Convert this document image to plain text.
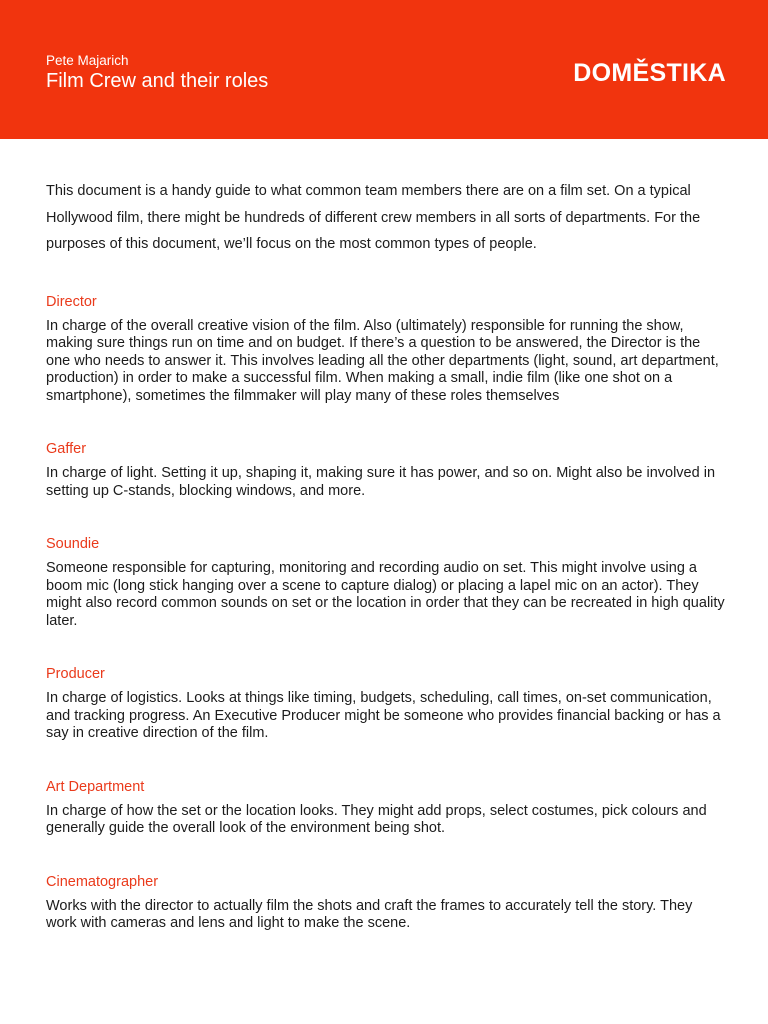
Pete Majarich
Film Crew and their roles	DOMĚSTIKA

This document is a handy guide to what common team members there are on a film set. On a typical Hollywood film, there might be hundreds of different crew members in all sorts of departments. For the purposes of this document, we’ll focus on the most common types of people.

Director

In charge of the overall creative vision of the film. Also (ultimately) responsible for running the show, making sure things run on time and on budget. If there’s a question to be answered, the Director is the one who needs to answer it. This involves leading all the other departments (light, sound, art department, production) in order to make a successful film. When making a small, indie film (like one shot on a smartphone), sometimes the filmmaker will play many of these roles themselves

Gaffer

In charge of light. Setting it up, shaping it, making sure it has power, and so on. Might also be involved in setting up C-stands, blocking windows, and more.

Soundie

Someone responsible for capturing, monitoring and recording audio on set. This might involve using a boom mic (long stick hanging over a scene to capture dialog) or placing a lapel mic on an actor). They might also record common sounds on set or the location in order that they can be recreated in high quality later.

Producer

In charge of logistics. Looks at things like timing, budgets, scheduling, call times, on-set communication, and tracking progress. An Executive Producer might be someone who provides financial backing or has a say in creative direction of the film.

Art Department

In charge of how the set or the location looks. They might add props, select costumes, pick colours and generally guide the overall look of the environment being shot.

Cinematographer

Works with the director to actually film the shots and craft the frames to accurately tell the story. They work with cameras and lens and light to make the scene.
